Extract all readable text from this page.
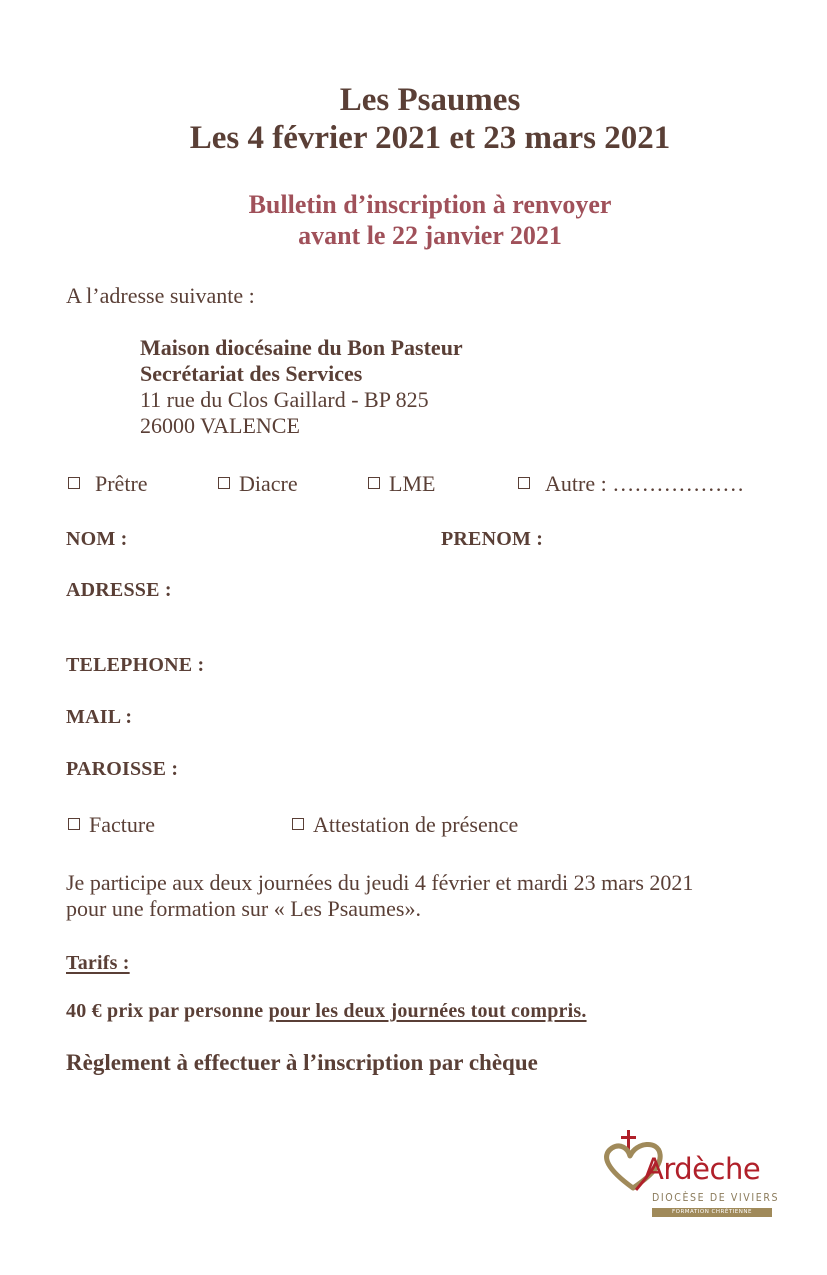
Les Psaumes
Les 4 février 2021 et 23 mars 2021
Bulletin d’inscription à renvoyer
avant le 22 janvier 2021
A l’adresse suivante :
Maison diocésaine du Bon Pasteur
Secrétariat des Services
11 rue du Clos Gaillard - BP 825
26000 VALENCE
Prêtre	Diacre	LME	Autre : ………………
NOM :	PRENOM :
ADRESSE :
TELEPHONE :
MAIL :
PAROISSE :
Facture	Attestation de présence
Je participe aux deux journées du jeudi 4 février et mardi 23 mars 2021
pour une formation sur « Les Psaumes».
Tarifs :
40 € prix par personne pour les deux journées tout compris.
Règlement à effectuer à l’inscription par chèque
Ardèche
DIOCÈSE DE VIVIERS
FORMATION CHRÉTIENNE
